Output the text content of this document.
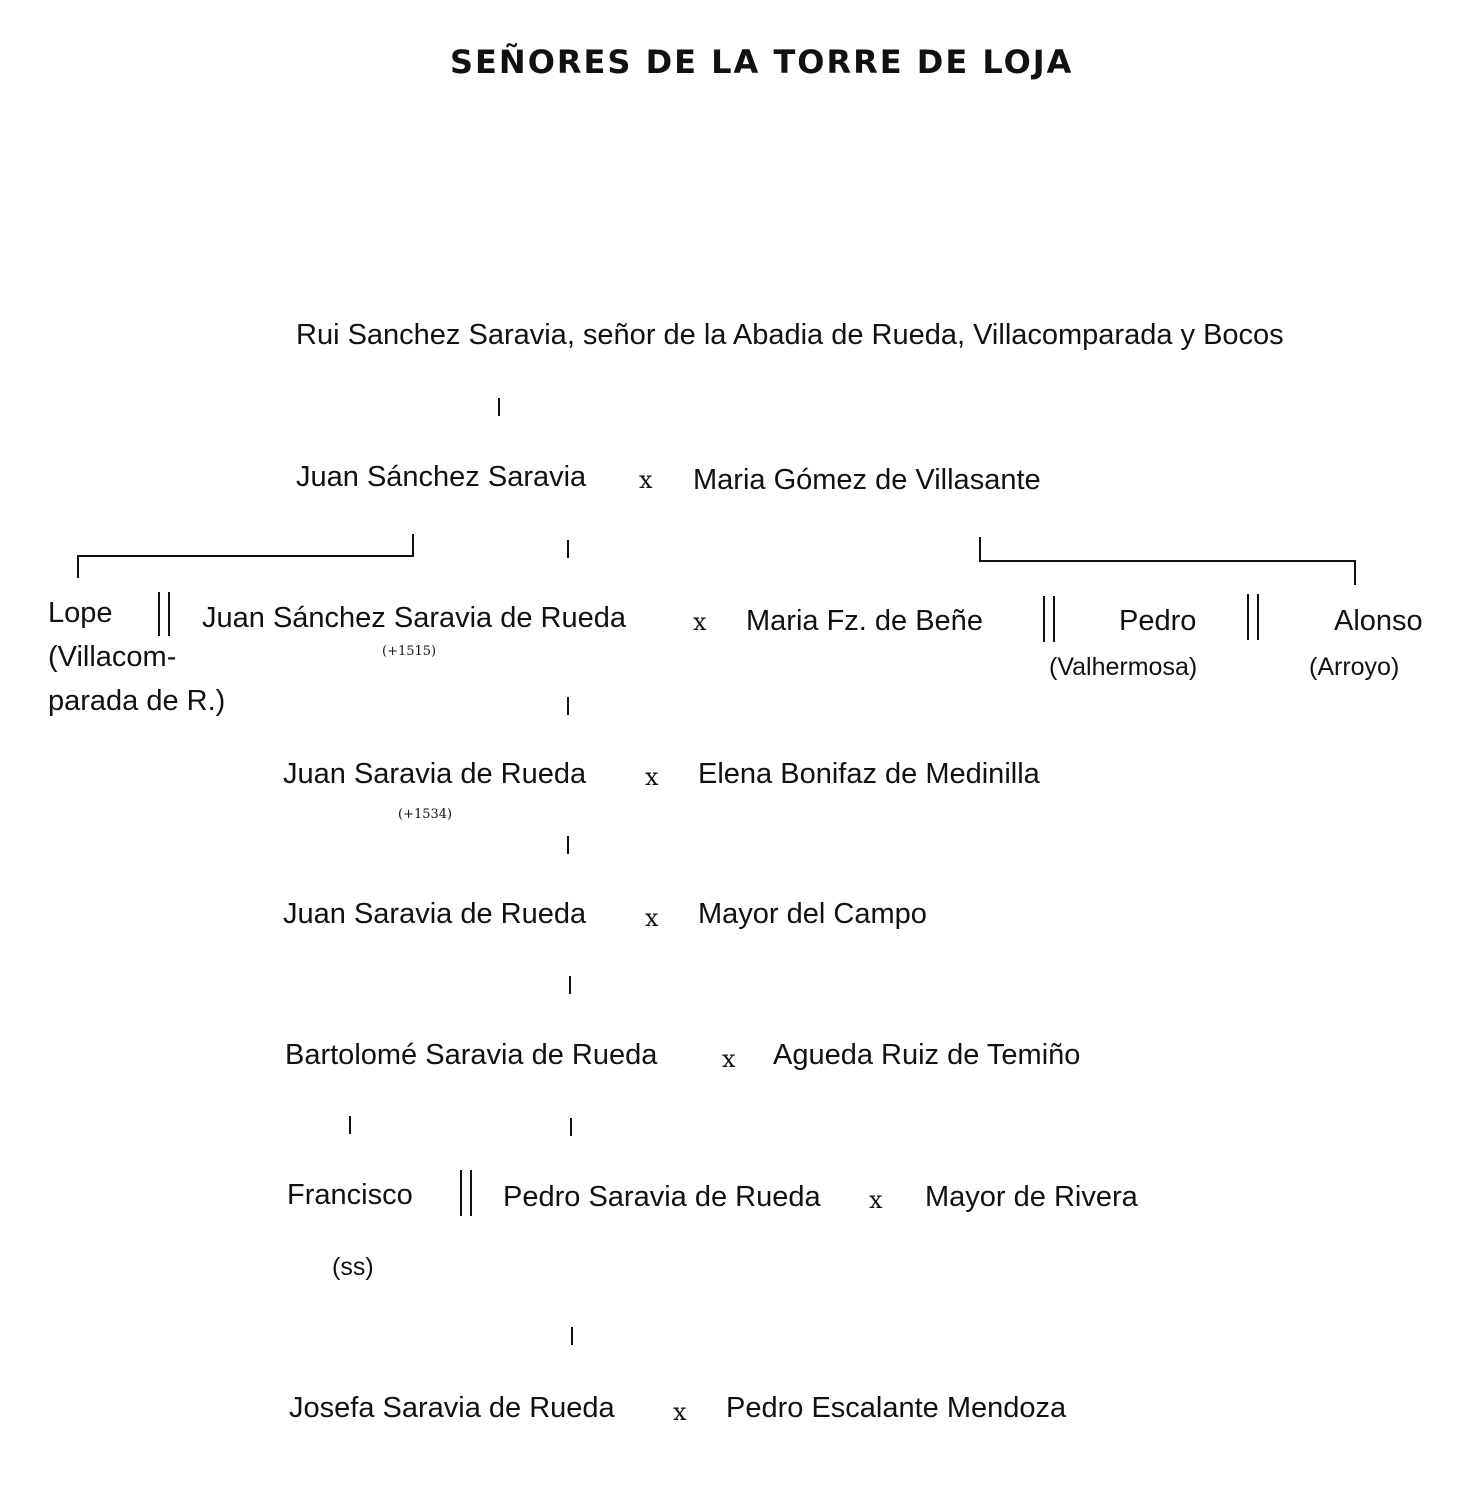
SEÑORES DE LA TORRE DE LOJA
Rui Sanchez Saravia, señor de la Abadia de Rueda, Villacomparada y Bocos
Juan Sánchez Saravia x Maria Gómez de Villasante
Lope
(Villacom-
parada de R.)
Juan Sánchez Saravia de Rueda
(+1515)
x Maria Fz. de Beñe	Pedro
(Valhermosa)
Alonso
(Arroyo)
Juan Saravia de Rueda
(+1534)
x Elena Bonifaz de Medinilla
Juan Saravia de Rueda x Mayor del Campo
Bartolomé Saravia de Rueda	x Agueda Ruiz de Temiño
Francisco
(ss)
Pedro Saravia de Rueda x Mayor de Rivera
Josefa Saravia de Rueda x Pedro Escalante Mendoza
